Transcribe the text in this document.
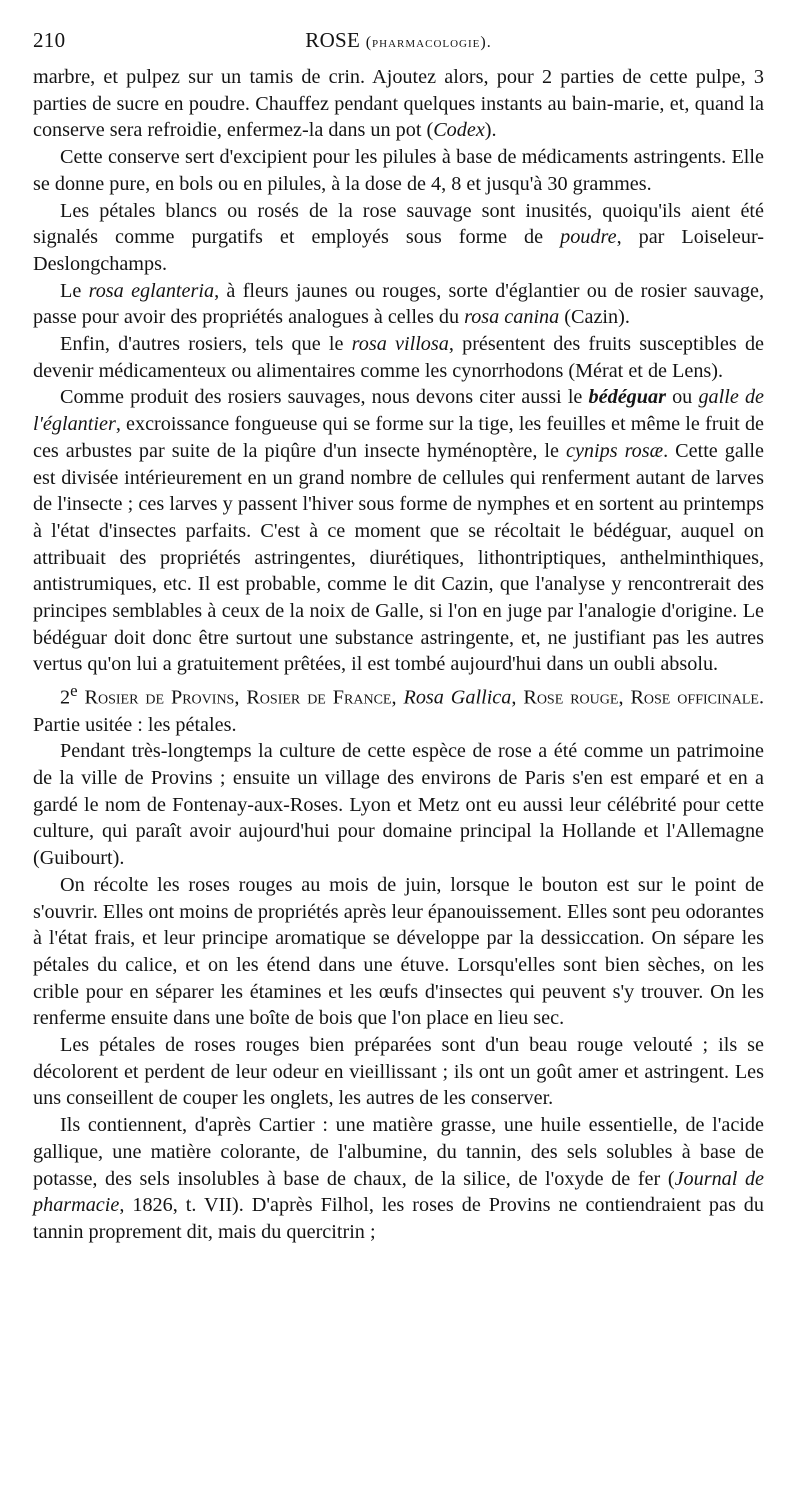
210	ROSE (pharmacologie).

marbre, et pulpez sur un tamis de crin. Ajoutez alors, pour 2 parties de cette pulpe, 3 parties de sucre en poudre. Chauffez pendant quelques instants au bain-marie, et, quand la conserve sera refroidie, enfermez-la dans un pot (Codex).

Cette conserve sert d'excipient pour les pilules à base de médicaments astringents. Elle se donne pure, en bols ou en pilules, à la dose de 4, 8 et jusqu'à 30 grammes.

Les pétales blancs ou rosés de la rose sauvage sont inusités, quoiqu'ils aient été signalés comme purgatifs et employés sous forme de poudre, par Loiseleur-Deslongchamps.

Le rosa eglanteria, à fleurs jaunes ou rouges, sorte d'églantier ou de rosier sauvage, passe pour avoir des propriétés analogues à celles du rosa canina (Cazin).

Enfin, d'autres rosiers, tels que le rosa villosa, présentent des fruits susceptibles de devenir médicamenteux ou alimentaires comme les cynorrhodons (Mérat et de Lens).

Comme produit des rosiers sauvages, nous devons citer aussi le bédéguar ou galle de l'églantier, excroissance fongueuse qui se forme sur la tige, les feuilles et même le fruit de ces arbustes par suite de la piqûre d'un insecte hyménoptère, le cynips rosæ. Cette galle est divisée intérieurement en un grand nombre de cellules qui renferment autant de larves de l'insecte ; ces larves y passent l'hiver sous forme de nymphes et en sortent au printemps à l'état d'insectes parfaits. C'est à ce moment que se récoltait le bédéguar, auquel on attribuait des propriétés astringentes, diurétiques, lithontriptiques, anthelminthiques, antistrumiques, etc. Il est probable, comme le dit Cazin, que l'analyse y rencontrerait des principes semblables à ceux de la noix de Galle, si l'on en juge par l'analogie d'origine. Le bédéguar doit donc être surtout une substance astringente, et, ne justifiant pas les autres vertus qu'on lui a gratuitement prêtées, il est tombé aujourd'hui dans un oubli absolu.

2e Rosier de Provins, Rosier de France, Rosa Gallica, Rose rouge, Rose officinale. Partie usitée : les pétales.

Pendant très-longtemps la culture de cette espèce de rose a été comme un patrimoine de la ville de Provins ; ensuite un village des environs de Paris s'en est emparé et en a gardé le nom de Fontenay-aux-Roses. Lyon et Metz ont eu aussi leur célébrité pour cette culture, qui paraît avoir aujourd'hui pour domaine principal la Hollande et l'Allemagne (Guibourt).

On récolte les roses rouges au mois de juin, lorsque le bouton est sur le point de s'ouvrir. Elles ont moins de propriétés après leur épanouissement. Elles sont peu odorantes à l'état frais, et leur principe aromatique se développe par la dessiccation. On sépare les pétales du calice, et on les étend dans une étuve. Lorsqu'elles sont bien sèches, on les crible pour en séparer les étamines et les œufs d'insectes qui peuvent s'y trouver. On les renferme ensuite dans une boîte de bois que l'on place en lieu sec.

Les pétales de roses rouges bien préparées sont d'un beau rouge velouté ; ils se décolorent et perdent de leur odeur en vieillissant ; ils ont un goût amer et astringent. Les uns conseillent de couper les onglets, les autres de les conserver.

Ils contiennent, d'après Cartier : une matière grasse, une huile essentielle, de l'acide gallique, une matière colorante, de l'albumine, du tannin, des sels solubles à base de potasse, des sels insolubles à base de chaux, de la silice, de l'oxyde de fer (Journal de pharmacie, 1826, t. VII). D'après Filhol, les roses de Provins ne contiendraient pas du tannin proprement dit, mais du quercitrin ;
